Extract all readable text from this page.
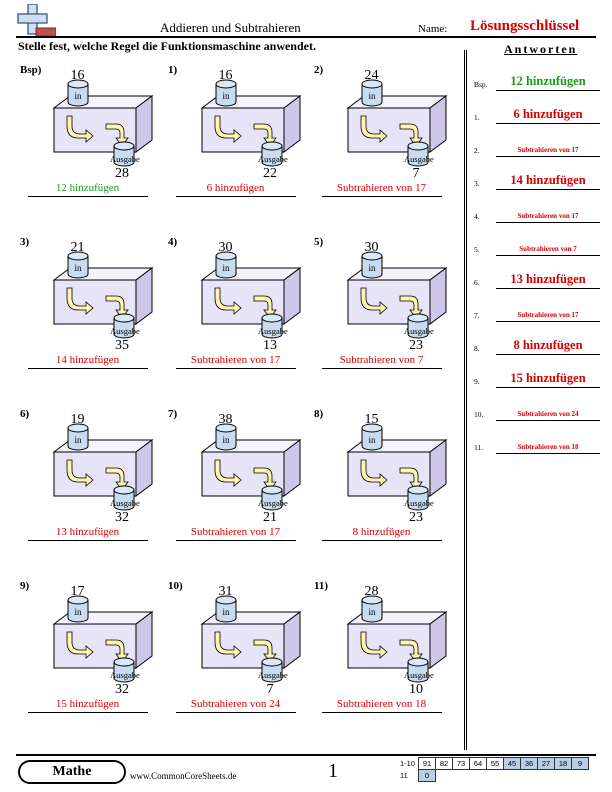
Addieren und Subtrahieren	Name: Lösungsschlüssel
Stelle fest, welche Regel die Funktionsmaschine anwendet.	Antworten
Bsp)	16
in
Ausgabe
28
12 hinzufügen
1)	16
in
Ausgabe
22
6 hinzufügen
2)	24
in
Ausgabe
7
Subtrahieren von 17
3)	21
in
Ausgabe
35
14 hinzufügen
4)	30
in
Ausgabe
13
Subtrahieren von 17
5)	30
in
Ausgabe
23
Subtrahieren von 7
6)	19
in
Ausgabe
32
13 hinzufügen
7)	38
in
Ausgabe
21
Subtrahieren von 17
8)	15
in
Ausgabe
23
8 hinzufügen
9)	17
in
Ausgabe
32
15 hinzufügen
10)	31
in
Ausgabe
7
Subtrahieren von 24
11)	28
in
Ausgabe
10
Subtrahieren von 18
Bsp.	12 hinzufügen
1.	6 hinzufügen
2.	Subtrahieren von 17
3.	14 hinzufügen
4.	Subtrahieren von 17
5.	Subtrahieren von 7
6.	13 hinzufügen
7.	Subtrahieren von 17
8.	8 hinzufügen
9.	15 hinzufügen
10.	Subtrahieren von 24
11.	Subtrahieren von 18
Mathe	www.CommonCoreSheets.de	1	1-10	91	82	73	64	55	45	36	27	18	9
11	0									
